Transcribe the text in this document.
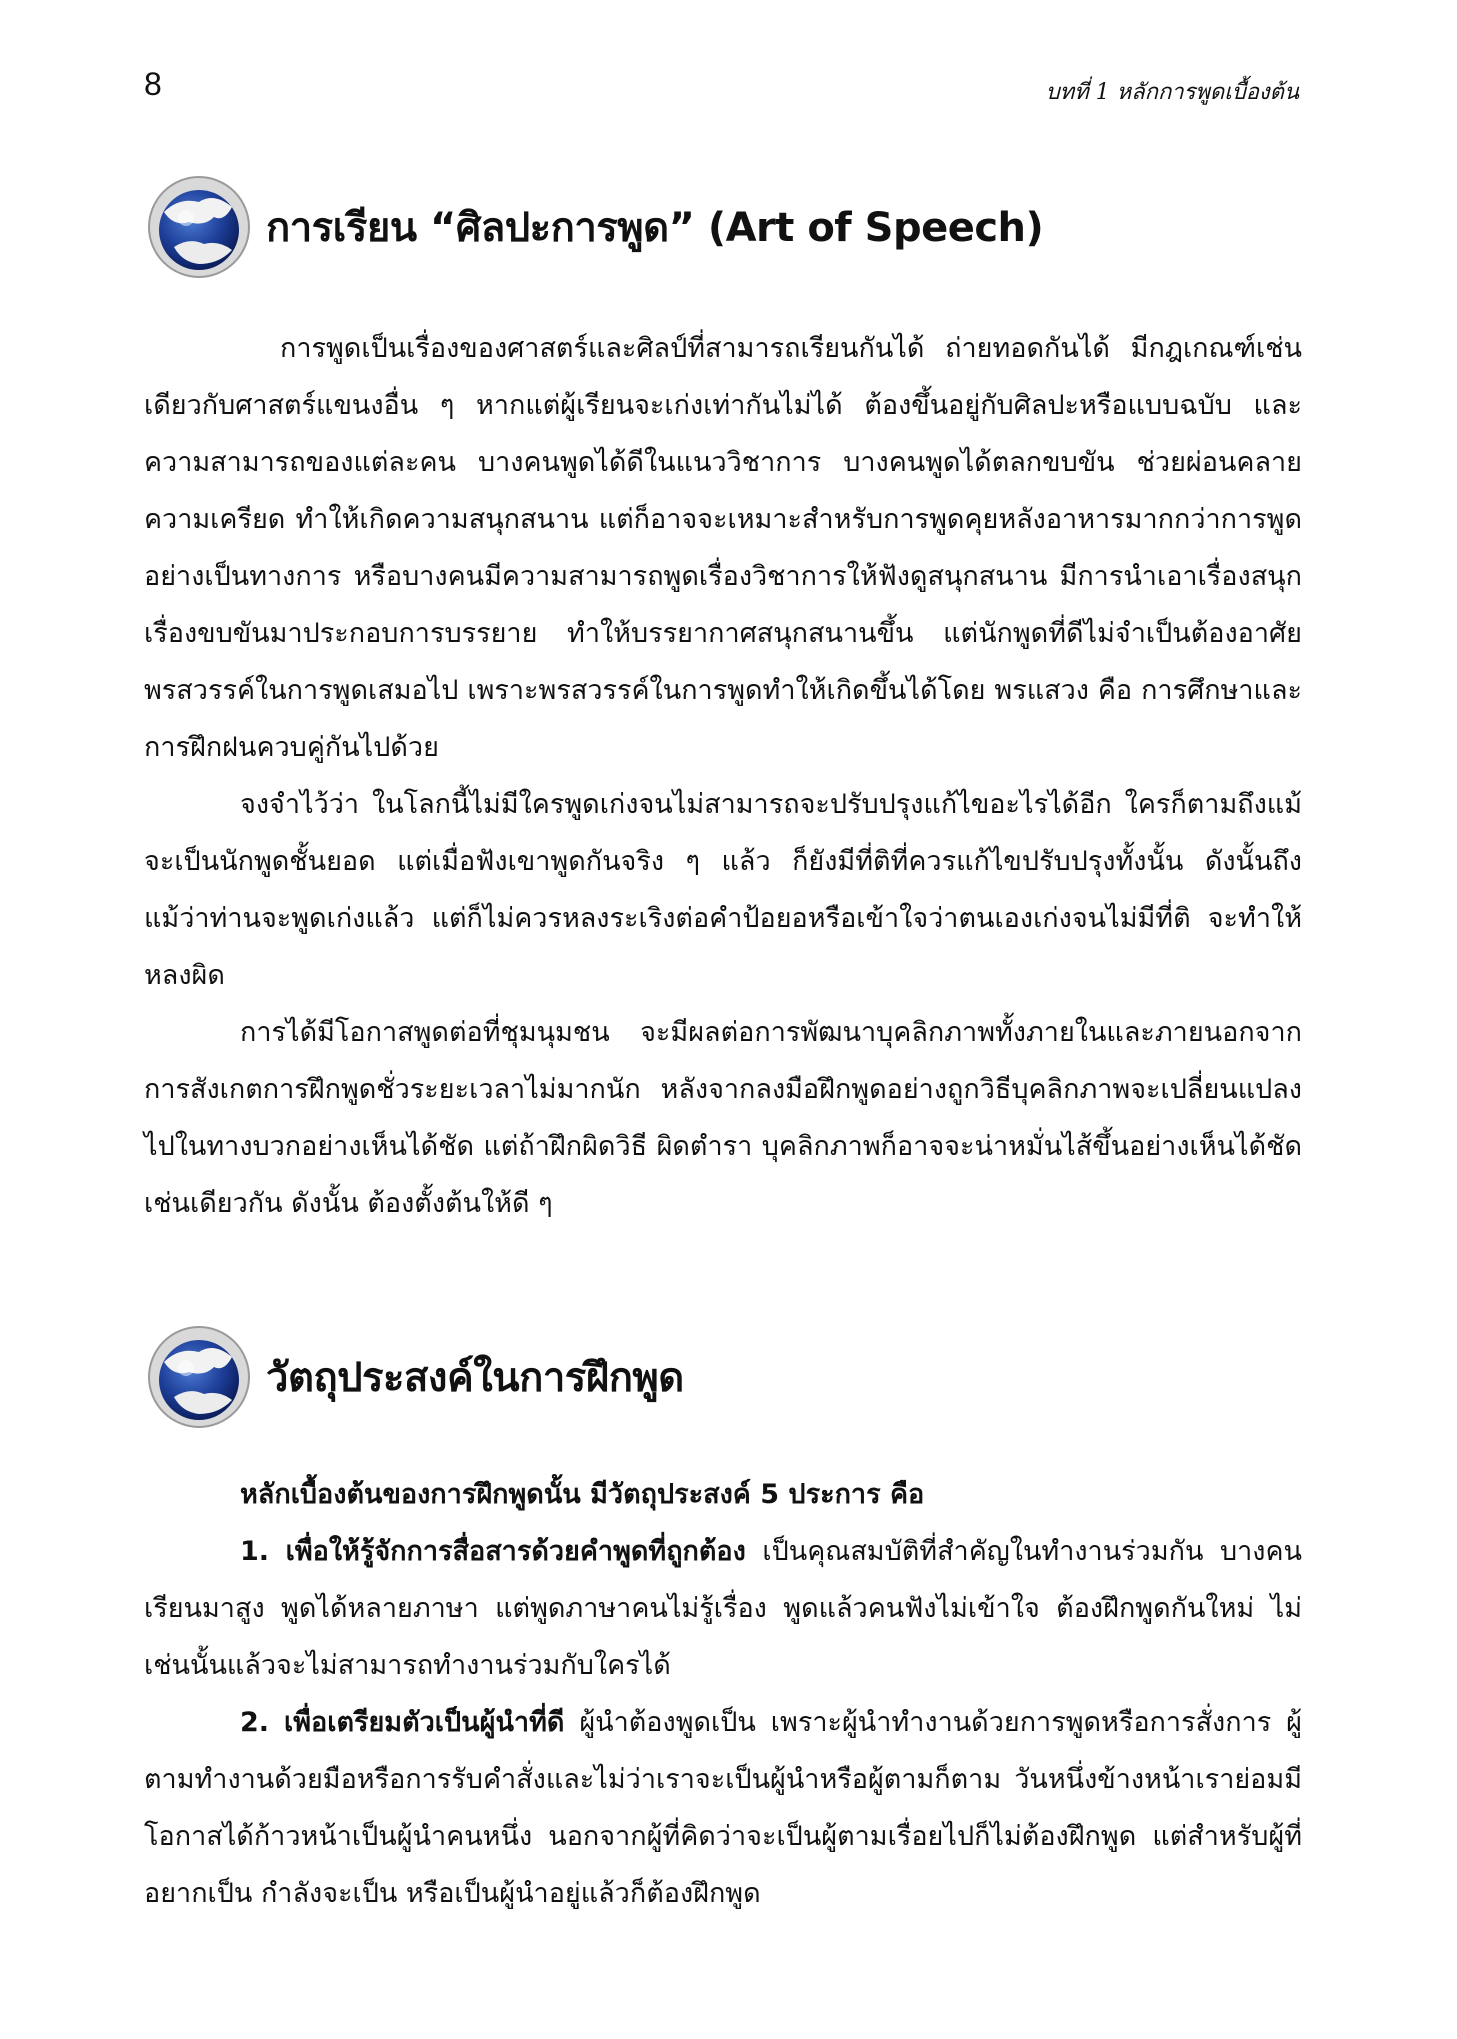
8	บทที่ 1 หลักการพูดเบื้องต้น
การเรียน “ศิลปะการพูด” (Art of Speech)

การพูดเป็นเรื่องของศาสตร์และศิลป์ที่สามารถเรียนกันได้ ถ่ายทอดกันได้ มีกฎเกณฑ์เช่นเดียวกับศาสตร์แขนงอื่น ๆ หากแต่ผู้เรียนจะเก่งเท่ากันไม่ได้ ต้องขึ้นอยู่กับศิลปะหรือแบบฉบับ และความสามารถของแต่ละคน บางคนพูดได้ดีในแนววิชาการ บางคนพูดได้ตลกขบขัน ช่วยผ่อนคลายความเครียด ทำให้เกิดความสนุกสนาน แต่ก็อาจจะเหมาะสำหรับการพูดคุยหลังอาหารมากกว่าการพูดอย่างเป็นทางการ หรือบางคนมีความสามารถพูดเรื่องวิชาการให้ฟังดูสนุกสนาน มีการนำเอาเรื่องสนุก เรื่องขบขันมาประกอบการบรรยาย ทำให้บรรยากาศสนุกสนานขึ้น แต่นักพูดที่ดีไม่จำเป็นต้องอาศัยพรสวรรค์ในการพูดเสมอไป เพราะพรสวรรค์ในการพูดทำให้เกิดขึ้นได้โดย พรแสวง คือ การศึกษาและการฝึกฝนควบคู่กันไปด้วย

จงจำไว้ว่า ในโลกนี้ไม่มีใครพูดเก่งจนไม่สามารถจะปรับปรุงแก้ไขอะไรได้อีก ใครก็ตามถึงแม้จะเป็นนักพูดชั้นยอด แต่เมื่อฟังเขาพูดกันจริง ๆ แล้ว ก็ยังมีที่ติที่ควรแก้ไขปรับปรุงทั้งนั้น ดังนั้นถึงแม้ว่าท่านจะพูดเก่งแล้ว แต่ก็ไม่ควรหลงระเริงต่อคำป้อยอหรือเข้าใจว่าตนเองเก่งจนไม่มีที่ติ จะทำให้หลงผิด

การได้มีโอกาสพูดต่อที่ชุมนุมชน จะมีผลต่อการพัฒนาบุคลิกภาพทั้งภายในและภายนอกจากการสังเกตการฝึกพูดชั่วระยะเวลาไม่มากนัก หลังจากลงมือฝึกพูดอย่างถูกวิธีบุคลิกภาพจะเปลี่ยนแปลงไปในทางบวกอย่างเห็นได้ชัด แต่ถ้าฝึกผิดวิธี ผิดตำรา บุคลิกภาพก็อาจจะน่าหมั่นไส้ขึ้นอย่างเห็นได้ชัดเช่นเดียวกัน ดังนั้น ต้องตั้งต้นให้ดี ๆ

วัตถุประสงค์ในการฝึกพูด

หลักเบื้องต้นของการฝึกพูดนั้น มีวัตถุประสงค์ 5 ประการ คือ

1. เพื่อให้รู้จักการสื่อสารด้วยคำพูดที่ถูกต้อง เป็นคุณสมบัติที่สำคัญในทำงานร่วมกัน บางคนเรียนมาสูง พูดได้หลายภาษา แต่พูดภาษาคนไม่รู้เรื่อง พูดแล้วคนฟังไม่เข้าใจ ต้องฝึกพูดกันใหม่ ไม่เช่นนั้นแล้วจะไม่สามารถทำงานร่วมกับใครได้

2. เพื่อเตรียมตัวเป็นผู้นำที่ดี ผู้นำต้องพูดเป็น เพราะผู้นำทำงานด้วยการพูดหรือการสั่งการ ผู้ตามทำงานด้วยมือหรือการรับคำสั่งและไม่ว่าเราจะเป็นผู้นำหรือผู้ตามก็ตาม วันหนึ่งข้างหน้าเราย่อมมีโอกาสได้ก้าวหน้าเป็นผู้นำคนหนึ่ง นอกจากผู้ที่คิดว่าจะเป็นผู้ตามเรื่อยไปก็ไม่ต้องฝึกพูด แต่สำหรับผู้ที่อยากเป็น กำลังจะเป็น หรือเป็นผู้นำอยู่แล้วก็ต้องฝึกพูด
